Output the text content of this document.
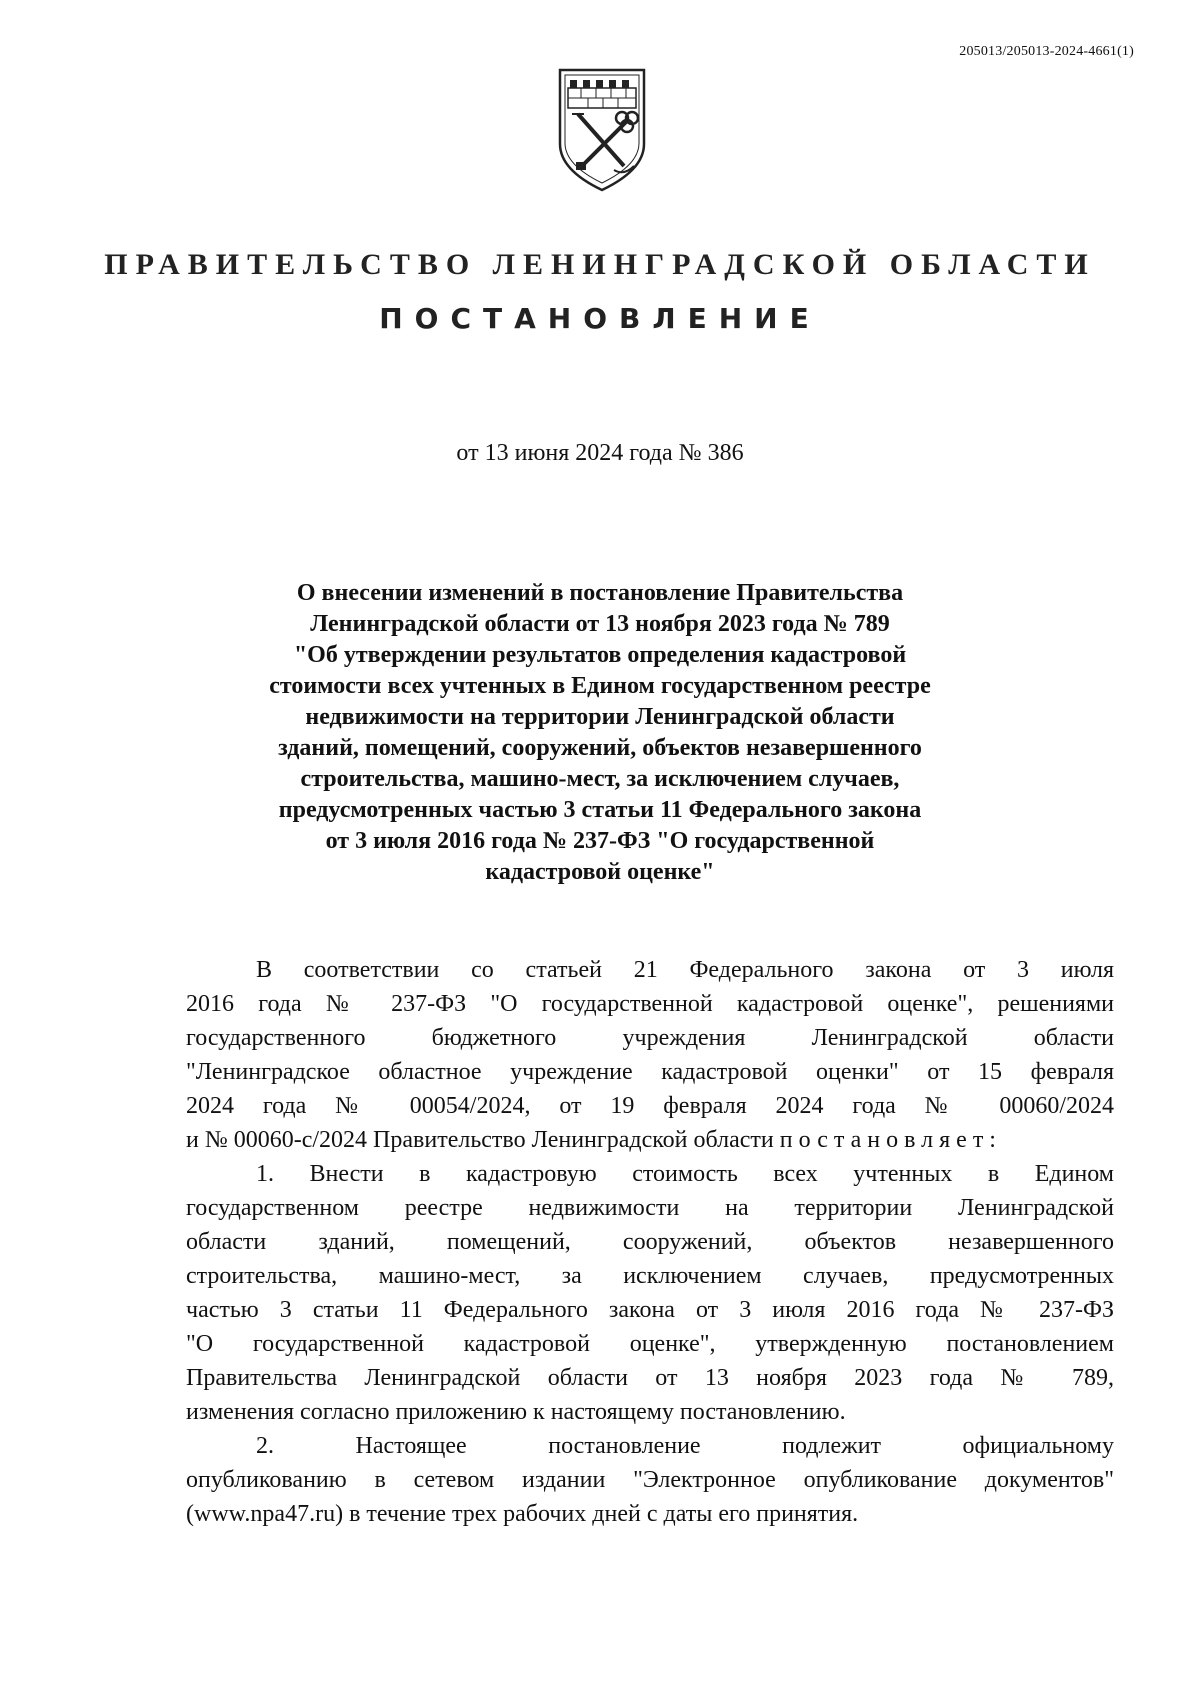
205013/205013-2024-4661(1)
ПРАВИТЕЛЬСТВО ЛЕНИНГРАДСКОЙ ОБЛАСТИ
ПОСТАНОВЛЕНИЕ
от 13 июня 2024 года № 386
О внесении изменений в постановление Правительства
Ленинградской области от 13 ноября 2023 года № 789
"Об утверждении результатов определения кадастровой
стоимости всех учтенных в Едином государственном реестре
недвижимости на территории Ленинградской области
зданий, помещений, сооружений, объектов незавершенного
строительства, машино-мест, за исключением случаев,
предусмотренных частью 3 статьи 11 Федерального закона
от 3 июля 2016 года № 237-ФЗ "О государственной
кадастровой оценке"
В соответствии со статьей 21 Федерального закона от 3 июля
2016 года № 237-ФЗ "О государственной кадастровой оценке", решениями
государственного бюджетного учреждения Ленинградской области
"Ленинградское областное учреждение кадастровой оценки" от 15 февраля
2024 года № 00054/2024, от 19 февраля 2024 года № 00060/2024
и № 00060-с/2024 Правительство Ленинградской области постановляет:
1. Внести в кадастровую стоимость всех учтенных в Едином
государственном реестре недвижимости на территории Ленинградской
области зданий, помещений, сооружений, объектов незавершенного
строительства, машино-мест, за исключением случаев, предусмотренных
частью 3 статьи 11 Федерального закона от 3 июля 2016 года № 237-ФЗ
"О государственной кадастровой оценке", утвержденную постановлением
Правительства Ленинградской области от 13 ноября 2023 года № 789,
изменения согласно приложению к настоящему постановлению.
2. Настоящее постановление подлежит официальному
опубликованию в сетевом издании "Электронное опубликование документов"
(www.npa47.ru) в течение трех рабочих дней с даты его принятия.
